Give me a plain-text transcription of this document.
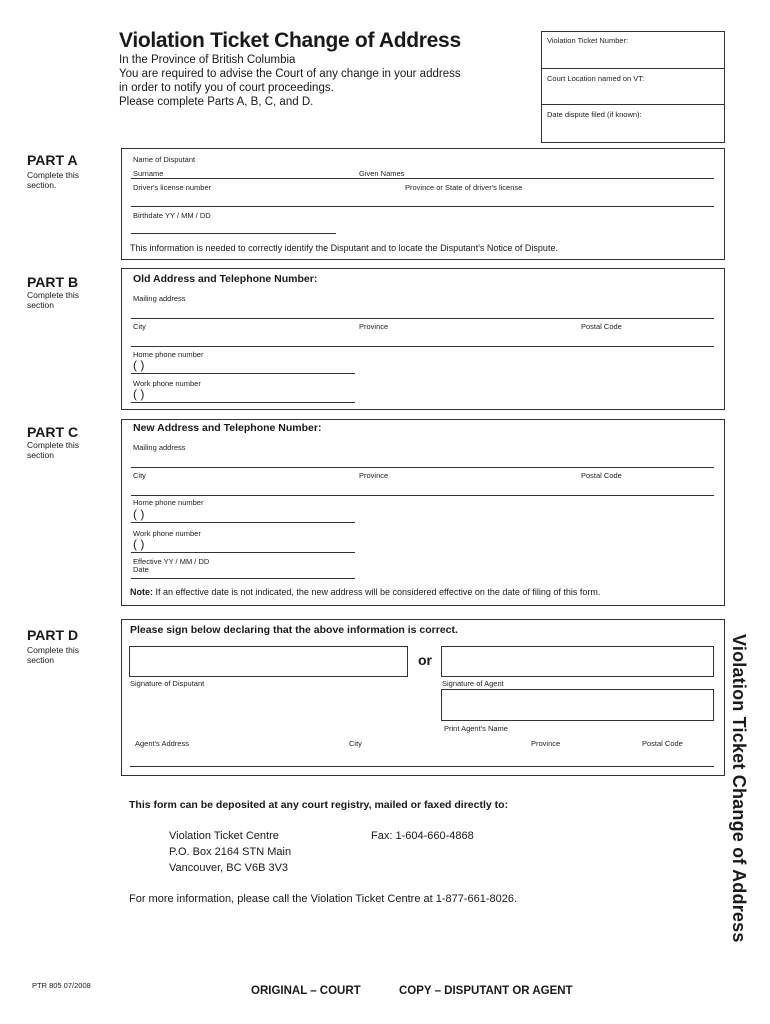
Violation Ticket Change of Address
In the Province of British Columbia
You are required to advise the Court of any change in your address
in order to notify you of court proceedings.
Please complete Parts A, B, C, and D.
Violation Ticket Number:
Court Location named on VT:
Date dispute filed (if known):
PART A
Complete this section.
Name of Disputant
Surname	Given Names
Driver's license number	Province or State of driver's license
Birthdate YY / MM / DD
This information is needed to correctly identify the Disputant and to locate the Disputant's Notice of Dispute.
PART B
Complete this section
Old Address and Telephone Number:
Mailing address
City	Province	Postal Code
Home phone number
( )
Work phone number
( )
PART C
Complete this section
New Address and Telephone Number:
Mailing address
City	Province	Postal Code
Home phone number
( )
Work phone number
( )
Effective YY / MM / DD
Date
Note: If an effective date is not indicated, the new address will be considered effective on the date of filing of this form.
PART D
Complete this section
Please sign below declaring that the above information is correct.
or
Signature of Disputant	Signature of Agent
Print Agent's Name
Agent's Address	City	Province	Postal Code	Violation Ticket Change of Address
This form can be deposited at any court registry, mailed or faxed directly to:
Violation Ticket Centre
P.O. Box 2164 STN Main
Vancouver, BC V6B 3V3
Fax: 1-604-660-4868
For more information, please call the Violation Ticket Centre at 1-877-661-8026.
PTR 805 07/2008	ORIGINAL – COURT	COPY – DISPUTANT OR AGENT
